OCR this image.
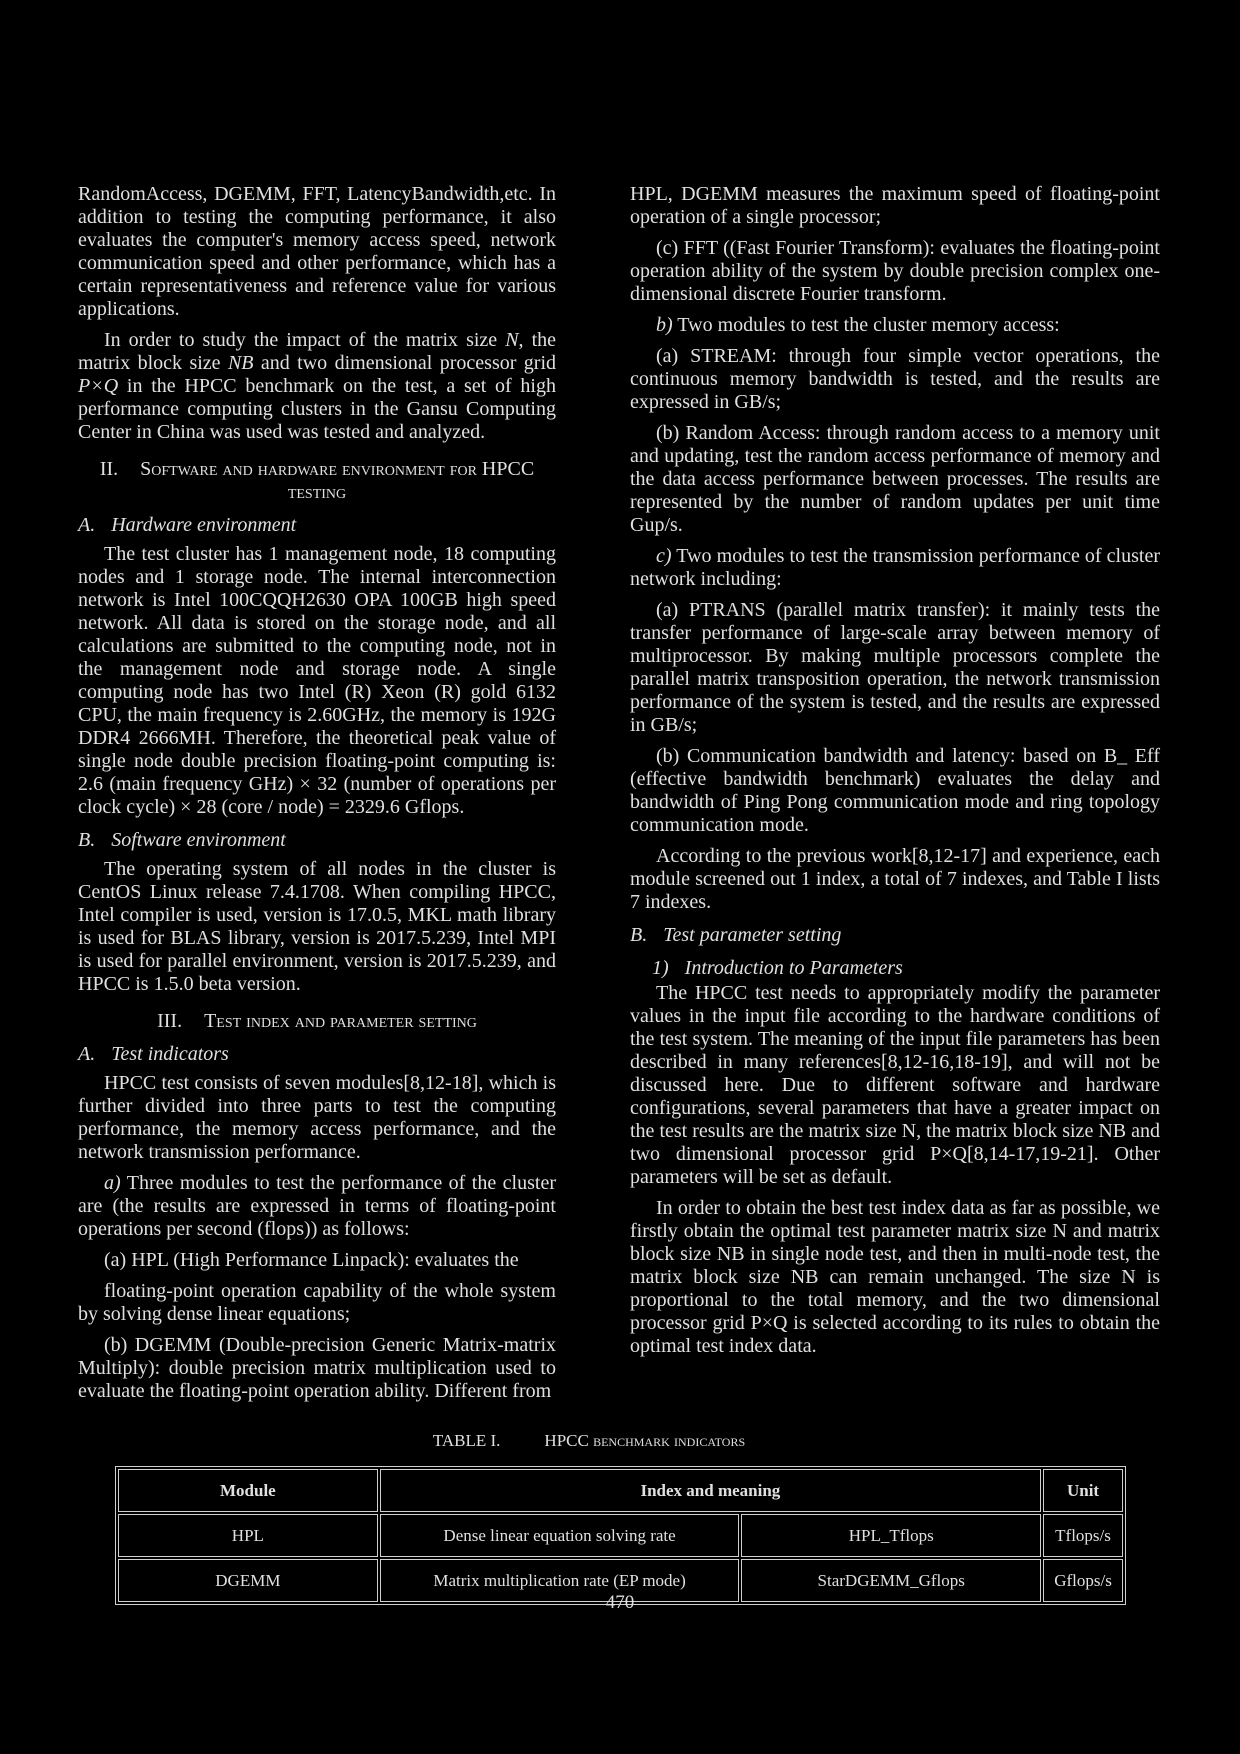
RandomAccess, DGEMM, FFT, LatencyBandwidth,etc. In addition to testing the computing performance, it also evaluates the computer's memory access speed, network communication speed and other performance, which has a certain representativeness and reference value for various applications.

In order to study the impact of the matrix size N, the matrix block size NB and two dimensional processor grid P×Q in the HPCC benchmark on the test, a set of high performance computing clusters in the Gansu Computing Center in China was used was tested and analyzed.

II. Software and hardware environment for HPCC testing
A. Hardware environment

The test cluster has 1 management node, 18 computing nodes and 1 storage node. The internal interconnection network is Intel 100CQQH2630 OPA 100GB high speed network. All data is stored on the storage node, and all calculations are submitted to the computing node, not in the management node and storage node. A single computing node has two Intel (R) Xeon (R) gold 6132 CPU, the main frequency is 2.60GHz, the memory is 192G DDR4 2666MH. Therefore, the theoretical peak value of single node double precision floating-point computing is: 2.6 (main frequency GHz) × 32 (number of operations per clock cycle) × 28 (core / node) = 2329.6 Gflops.

B. Software environment

The operating system of all nodes in the cluster is CentOS Linux release 7.4.1708. When compiling HPCC, Intel compiler is used, version is 17.0.5, MKL math library is used for BLAS library, version is 2017.5.239, Intel MPI is used for parallel environment, version is 2017.5.239, and HPCC is 1.5.0 beta version.

III. Test index and parameter setting
A. Test indicators

HPCC test consists of seven modules[8,12-18], which is further divided into three parts to test the computing performance, the memory access performance, and the network transmission performance.

a) Three modules to test the performance of the cluster are (the results are expressed in terms of floating-point operations per second (flops)) as follows:

(a) HPL (High Performance Linpack): evaluates the

floating-point operation capability of the whole system by solving dense linear equations;

(b) DGEMM (Double-precision Generic Matrix-matrix Multiply): double precision matrix multiplication used to evaluate the floating-point operation ability. Different from

HPL, DGEMM measures the maximum speed of floating-point operation of a single processor;

(c) FFT ((Fast Fourier Transform): evaluates the floating-point operation ability of the system by double precision complex one-dimensional discrete Fourier transform.

b) Two modules to test the cluster memory access:

(a) STREAM: through four simple vector operations, the continuous memory bandwidth is tested, and the results are expressed in GB/s;

(b) Random Access: through random access to a memory unit and updating, test the random access performance of memory and the data access performance between processes. The results are represented by the number of random updates per unit time Gup/s.

c) Two modules to test the transmission performance of cluster network including:

(a) PTRANS (parallel matrix transfer): it mainly tests the transfer performance of large-scale array between memory of multiprocessor. By making multiple processors complete the parallel matrix transposition operation, the network transmission performance of the system is tested, and the results are expressed in GB/s;

(b) Communication bandwidth and latency: based on B_ Eff (effective bandwidth benchmark) evaluates the delay and bandwidth of Ping Pong communication mode and ring topology communication mode.

According to the previous work[8,12-17] and experience, each module screened out 1 index, a total of 7 indexes, and Table I lists 7 indexes.

B. Test parameter setting
1) Introduction to Parameters

The HPCC test needs to appropriately modify the parameter values in the input file according to the hardware conditions of the test system. The meaning of the input file parameters has been described in many references[8,12-16,18-19], and will not be discussed here. Due to different software and hardware configurations, several parameters that have a greater impact on the test results are the matrix size N, the matrix block size NB and two dimensional processor grid P×Q[8,14-17,19-21]. Other parameters will be set as default.

In order to obtain the best test index data as far as possible, we firstly obtain the optimal test parameter matrix size N and matrix block size NB in single node test, and then in multi-node test, the matrix block size NB can remain unchanged. The size N is proportional to the total memory, and the two dimensional processor grid P×Q is selected according to its rules to obtain the optimal test index data.

TABLE I.	HPCC benchmark indicators
Module	Index and meaning		Unit
HPL	Dense linear equation solving rate	HPL_Tflops	Tflops/s
DGEMM	Matrix multiplication rate (EP mode)	StarDGEMM_Gflops	Gflops/s
470
